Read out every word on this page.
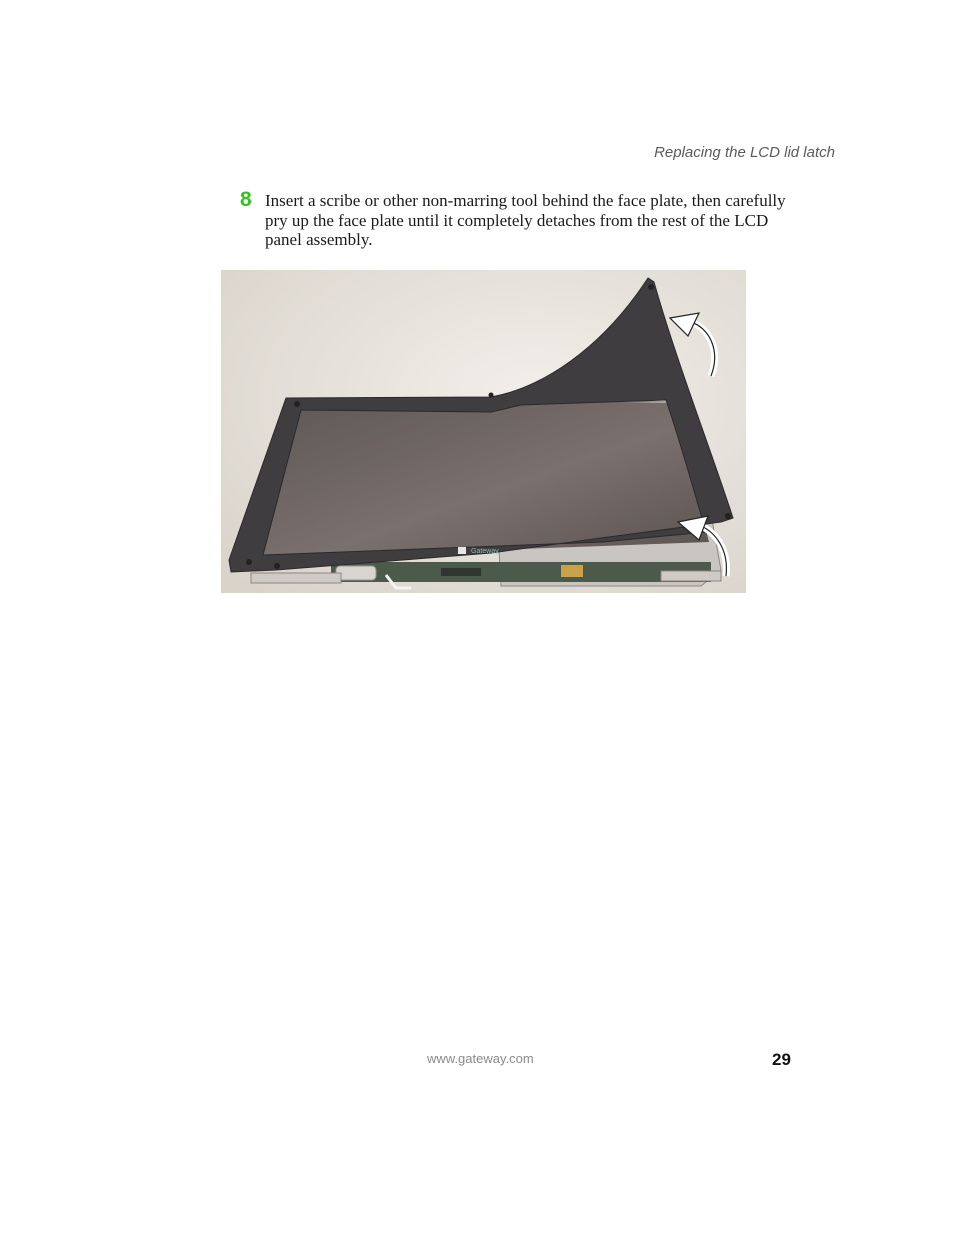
Replacing the LCD lid latch
8 Insert a scribe or other non-marring tool behind the face plate, then carefully pry up the face plate until it completely detaches from the rest of the LCD panel assembly.
Gateway
www.gateway.com	29
